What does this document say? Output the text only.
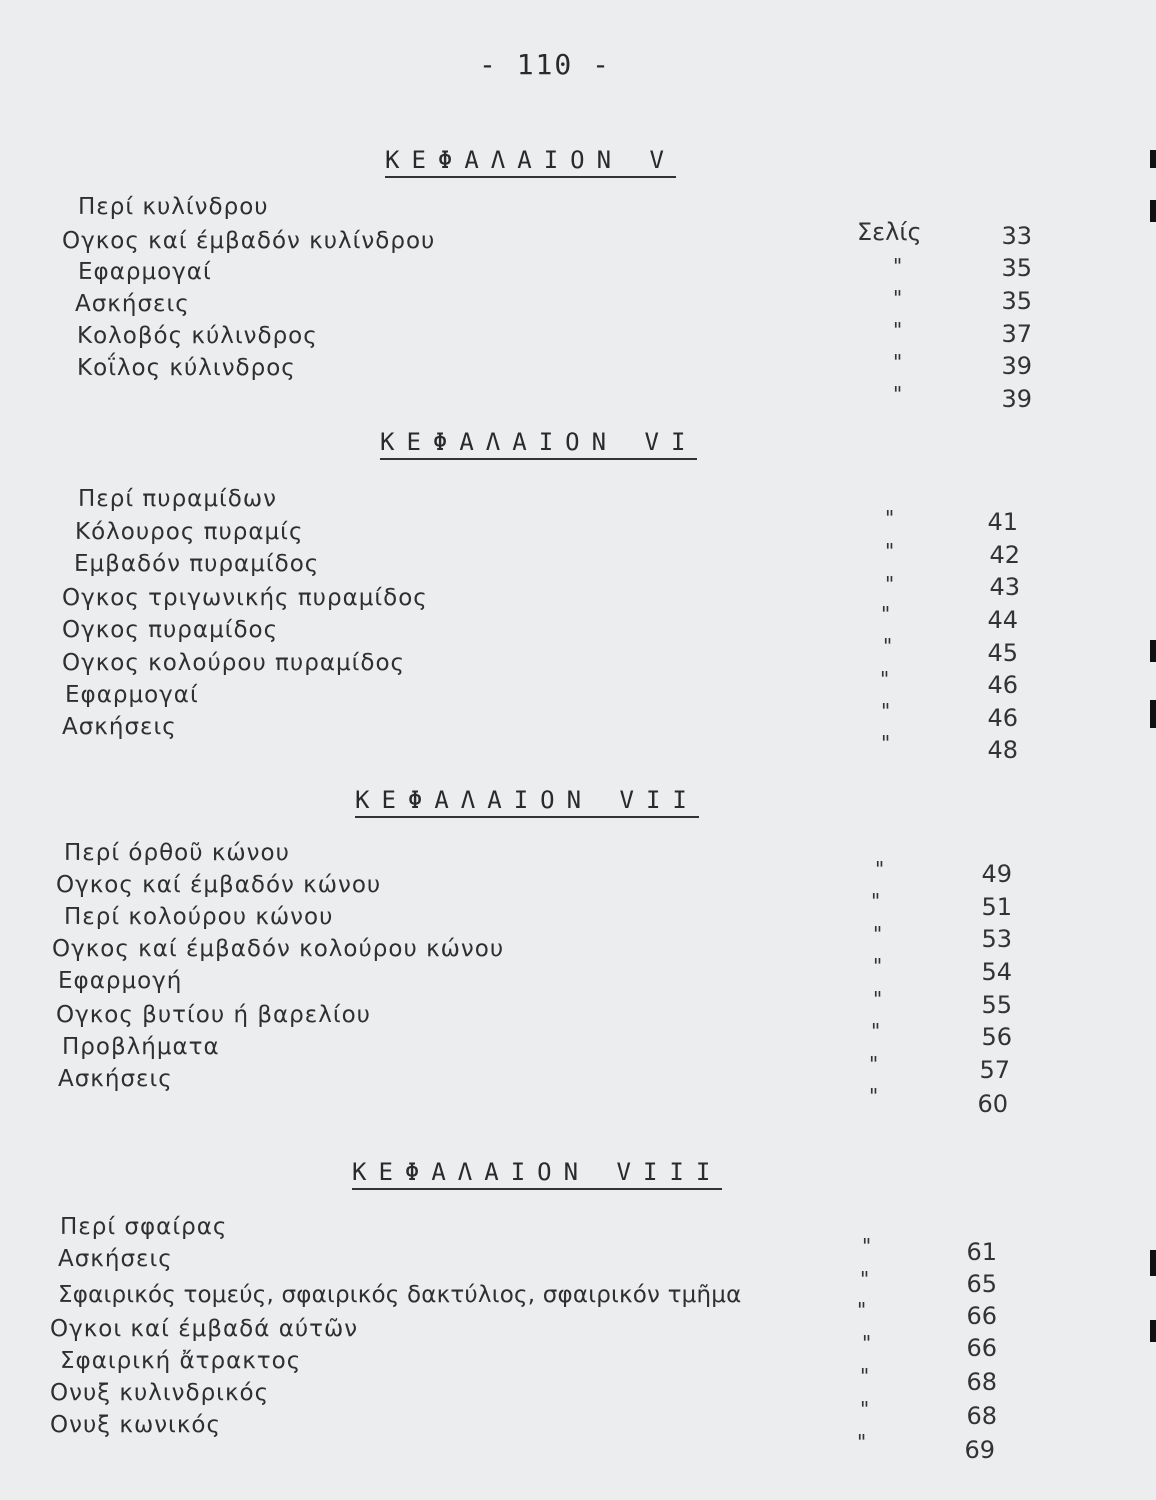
- 110 -
ΚΕΦΑΛΑΙΟΝ V
Περί κυλίνδρου
Ογκος καί έμβαδόν κυλίνδρου
Εφαρμογαί
Ασκήσεις
Κολοβός κύλινδρος
Κοΐλος κύλινδρος
Σελίς
"
"
"
"
"
33
35
35
37
39
39
ΚΕΦΑΛΑΙΟΝ VI
Περί πυραμίδων
Κόλουρος πυραμίς
Εμβαδόν πυραμίδος
Ογκος τριγωνικής πυραμίδος
Ογκος πυραμίδος
Ογκος κολούρου πυραμίδος
Εφαρμογαί
Ασκήσεις
"
"
"
"
"
"
"
"
41
42
43
44
45
46
46
48
ΚΕΦΑΛΑΙΟΝ VII
Περί όρθοῦ κώνου
Ογκος καί έμβαδόν κώνου
Περί κολούρου κώνου
Ογκος καί έμβαδόν κολούρου κώνου
Εφαρμογή
Ογκος βυτίου ή βαρελίου
Προβλήματα
Ασκήσεις
"
"
"
"
"
"
"
"
49
51
53
54
55
56
57
60
ΚΕΦΑΛΑΙΟΝ VIII
Περί σφαίρας
Ασκήσεις
Σφαιρικός τομεύς, σφαιρικός δακτύλιος, σφαιρικόν τμῆμα
Ογκοι καί έμβαδά αύτῶν
Σφαιρική ἄτρακτος
Ονυξ κυλινδρικός
Ονυξ κωνικός
"
"
"
"
"
"
"
61
65
66
66
68
68
69
